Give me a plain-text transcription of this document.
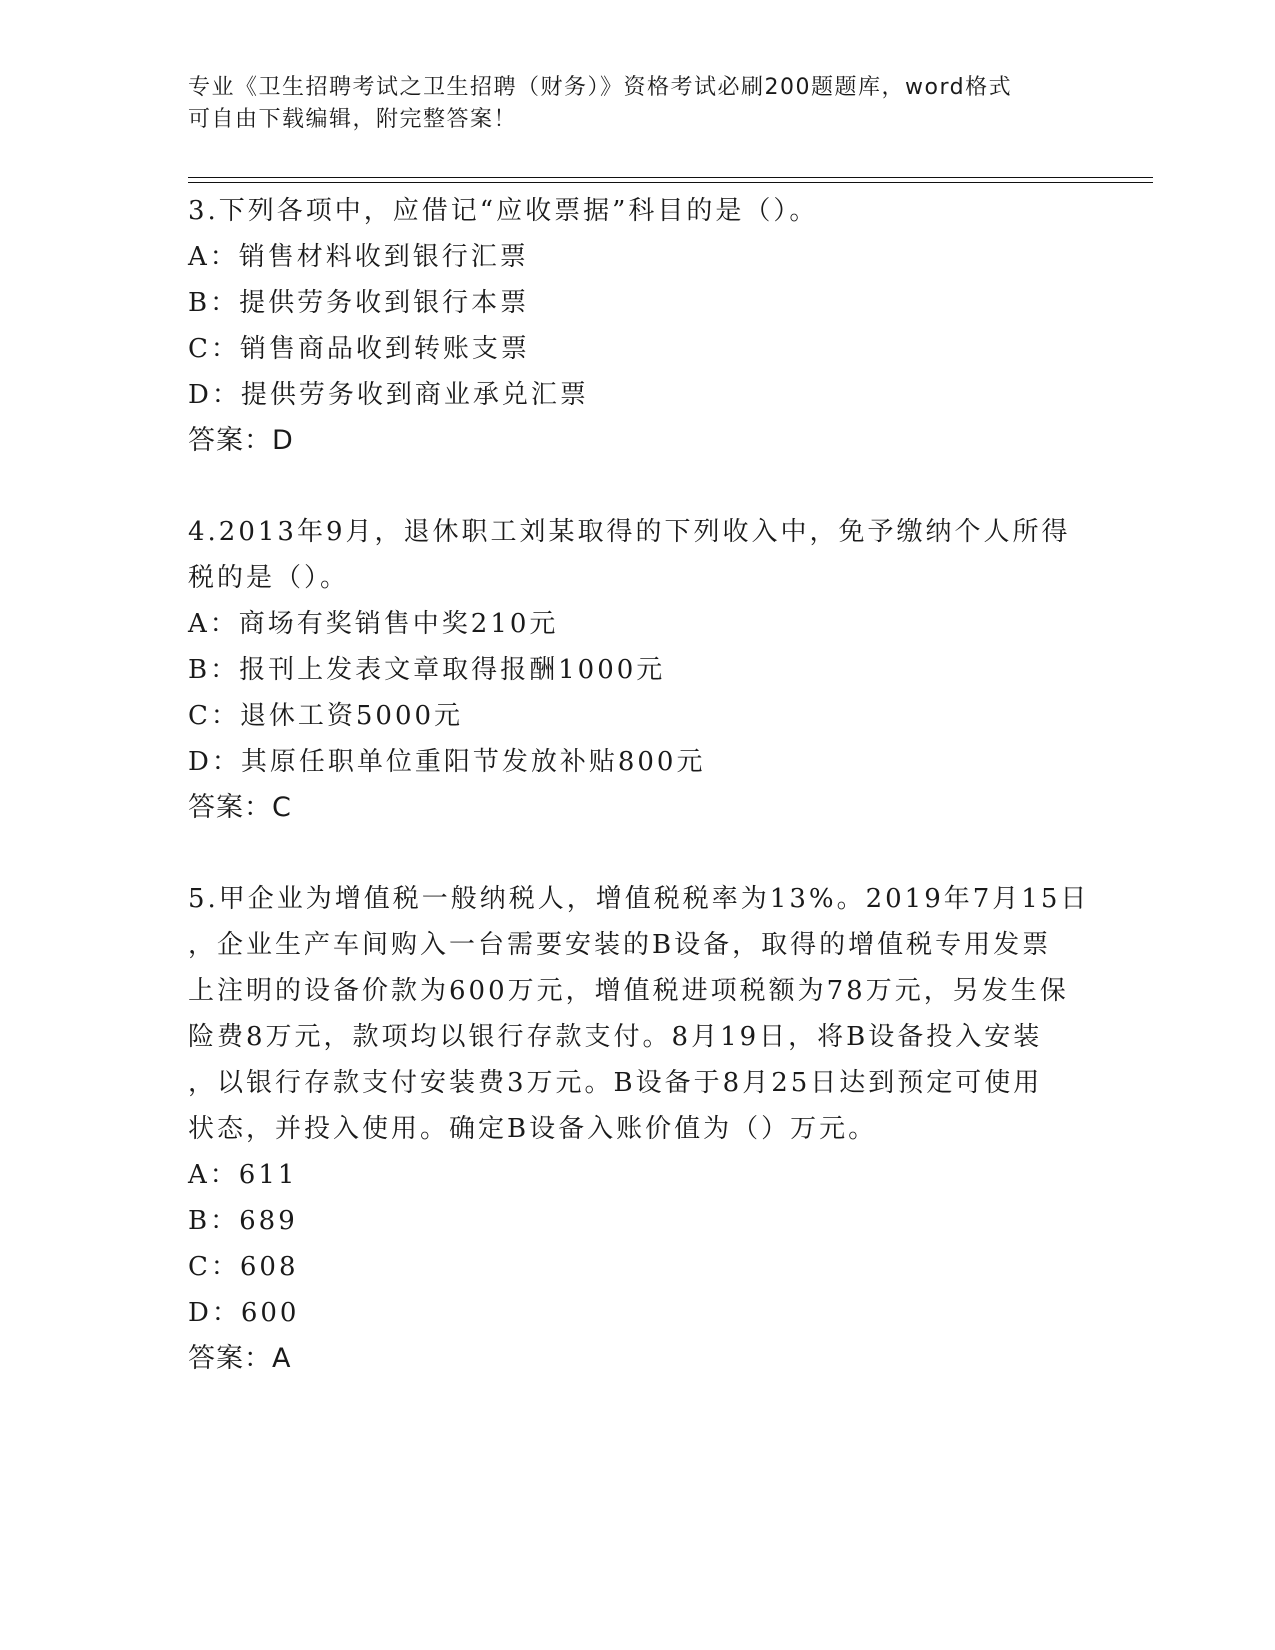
专业《卫生招聘考试之卫生招聘（财务）》资格考试必刷200题题库，word格式
可自由下载编辑，附完整答案！
3.下列各项中，应借记“应收票据”科目的是（）。
A：销售材料收到银行汇票
B：提供劳务收到银行本票
C：销售商品收到转账支票
D：提供劳务收到商业承兑汇票
答案：D
4.2013年9月，退休职工刘某取得的下列收入中，免予缴纳个人所得
税的是（）。
A：商场有奖销售中奖210元
B：报刊上发表文章取得报酬1000元
C：退休工资5000元
D：其原任职单位重阳节发放补贴800元
答案：C
5.甲企业为增值税一般纳税人，增值税税率为13%。2019年7月15日
，企业生产车间购入一台需要安装的B设备，取得的增值税专用发票
上注明的设备价款为600万元，增值税进项税额为78万元，另发生保
险费8万元，款项均以银行存款支付。8月19日，将B设备投入安装
，以银行存款支付安装费3万元。B设备于8月25日达到预定可使用
状态，并投入使用。确定B设备入账价值为（）万元。
A：611
B：689
C：608
D：600
答案：A
